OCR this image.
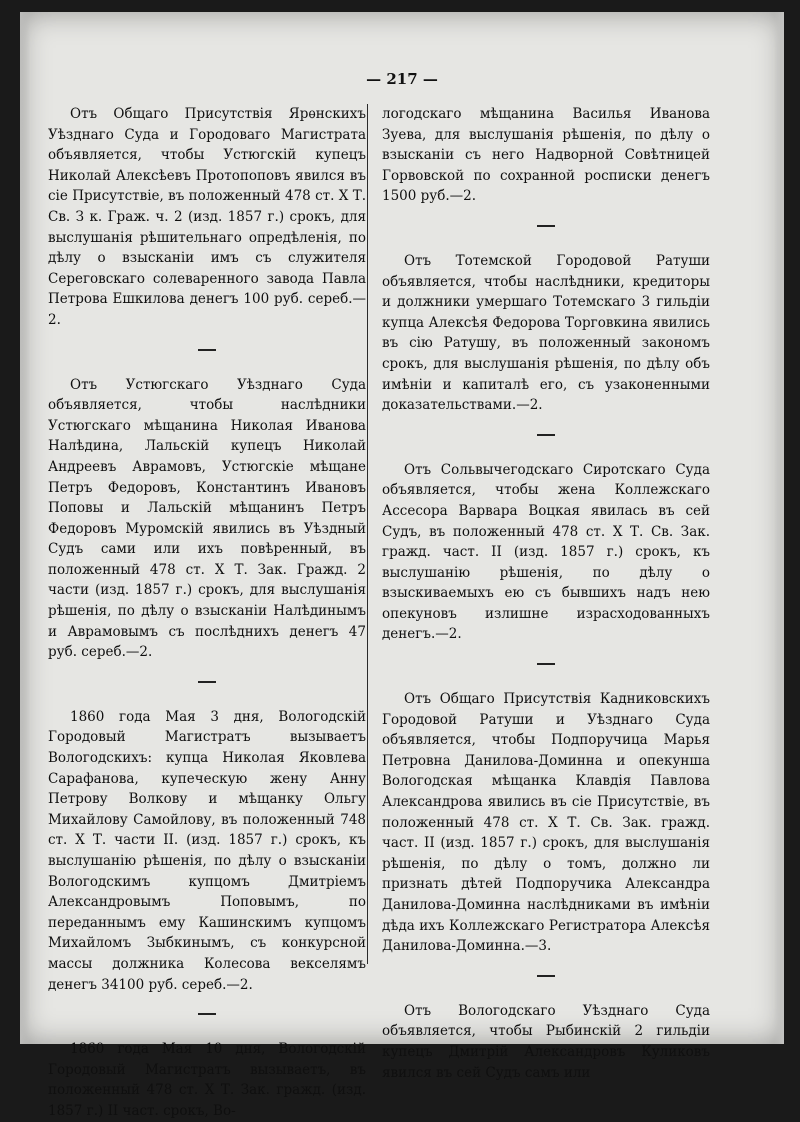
— 217 —

Отъ Общаго Присутствія Ярѳнскихъ Уѣзднаго Суда и Городоваго Магистрата объявляется, чтобы Устюгскій купецъ Николай Алексѣевъ Протопоповъ явился въ сіе Присутствіе, въ положенный 478 ст. X Т. Св. З к. Граж. ч. 2 (изд. 1857 г.) срокъ, для выслушанія рѣшительнаго опредѣленія, по дѣлу о взысканіи имъ съ служителя Сереговскаго солеваренного завода Павла Петрова Ешкилова денегъ 100 руб. сереб.—2.

Отъ Устюгскаго Уѣзднаго Суда объявляется, чтобы наслѣдники Устюгскаго мѣщанина Николая Иванова Налѣдина, Лальскій купецъ Николай Андреевъ Аврамовъ, Устюгскіе мѣщане Петръ Федоровъ, Константинъ Ивановъ Поповы и Лальскій мѣщанинъ Петръ Федоровъ Муромскій явились въ Уѣздный Судъ сами или ихъ повѣренный, въ положенный 478 ст. X Т. Зак. Гражд. 2 части (изд. 1857 г.) срокъ, для выслушанія рѣшенія, по дѣлу о взысканіи Налѣдинымъ и Аврамовымъ съ послѣднихъ денегъ 47 руб. сереб.—2.

1860 года Мая 3 дня, Вологодскій Городовый Магистратъ вызываетъ Вологодскихъ: купца Николая Яковлева Сарафанова, купеческую жену Анну Петрову Волкову и мѣщанку Ольгу Михайлову Самойлову, въ положенный 748 ст. X Т. части II. (изд. 1857 г.) срокъ, къ выслушанію рѣшенія, по дѣлу о взысканіи Вологодскимъ купцомъ Дмитріемъ Александровымъ Поповымъ, по переданнымъ ему Кашинскимъ купцомъ Михайломъ Зыбкинымъ, съ конкурсной массы должника Колесова векселямъ денегъ 34100 руб. сереб.—2.

1860 года Мая 10 дня, Вологодскій Городовый Магистратъ вызываетъ, въ положенный 478 ст. X Т. Зак. гражд. (изд. 1857 г.) II част. срокъ, Во-

логодскаго мѣщанина Василья Иванова Зуева, для выслушанія рѣшенія, по дѣлу о взысканіи съ него Надворной Совѣтницей Горвовской по сохранной росписки денегъ 1500 руб.—2.

Отъ Тотемской Городовой Ратуши объявляется, чтобы наслѣдники, кредиторы и должники умершаго Тотемскаго 3 гильдіи купца Алексѣя Федорова Торговкина явились въ сію Ратушу, въ положенный закономъ срокъ, для выслушанія рѣшенія, по дѣлу объ имѣніи и капиталѣ его, съ узаконенными доказательствами.—2.

Отъ Сольвычегодскаго Сиротскаго Суда объявляется, чтобы жена Коллежскаго Ассесора Варвара Воцкая явилась въ сей Судъ, въ положенный 478 ст. X Т. Св. Зак. гражд. част. II (изд. 1857 г.) срокъ, къ выслушанію рѣшенія, по дѣлу о взыскиваемыхъ ею съ бывшихъ надъ нею опекуновъ излишне израсходованныхъ денегъ.—2.

Отъ Общаго Присутствія Кадниковскихъ Городовой Ратуши и Уѣзднаго Суда объявляется, чтобы Подпоручица Марья Петровна Данилова-Доминна и опекунша Вологодская мѣщанка Клавдія Павлова Александрова явились въ сіе Присутствіе, въ положенный 478 ст. X Т. Св. Зак. гражд. част. II (изд. 1857 г.) срокъ, для выслушанія рѣшенія, по дѣлу о томъ, должно ли признать дѣтей Подпоручика Александра Данилова-Доминна наслѣдниками въ имѣніи дѣда ихъ Коллежскаго Регистратора Алексѣя Данилова-Доминна.—3.

Отъ Вологодскаго Уѣзднаго Суда объявляется, чтобы Рыбинскій 2 гильдіи купецъ Дмитрій Александровъ Куликовъ явился въ сей Судъ самъ или
